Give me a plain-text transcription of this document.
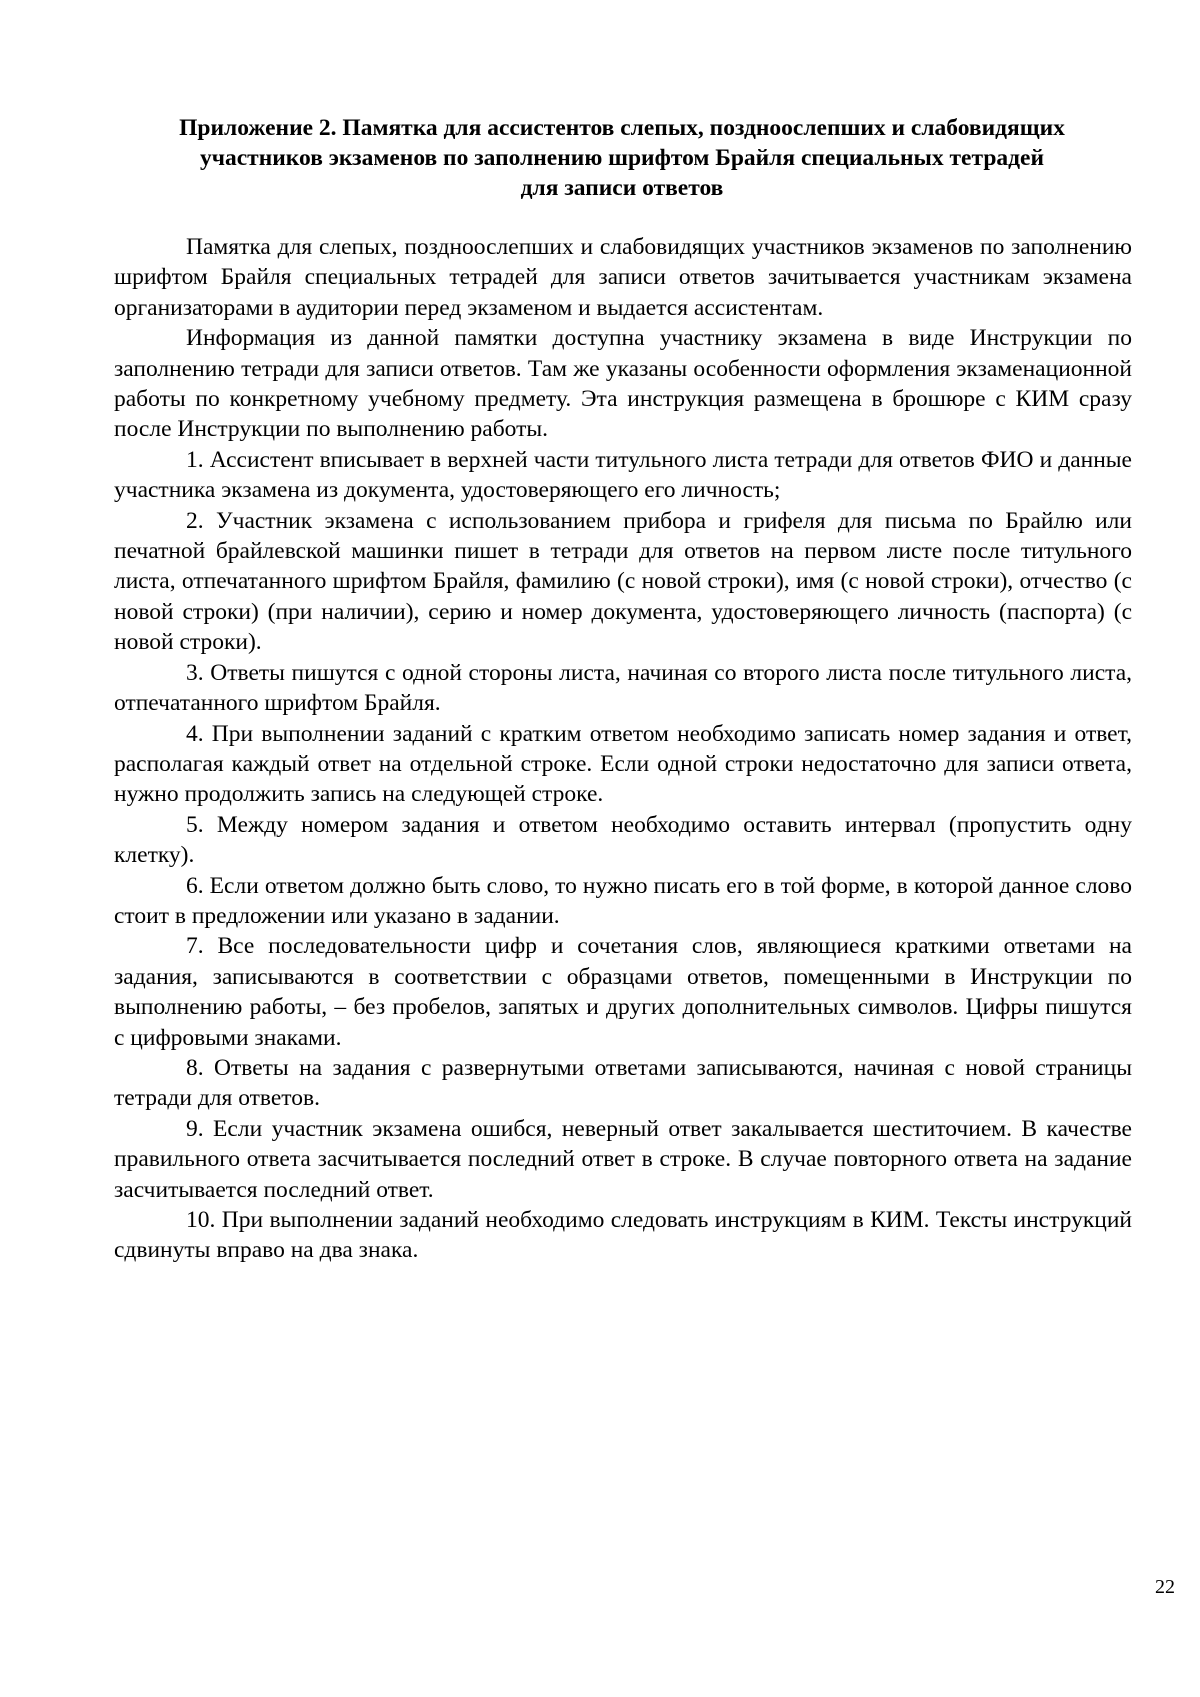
Приложение 2. Памятка для ассистентов слепых, поздноослепших и слабовидящих
участников экзаменов по заполнению шрифтом Брайля специальных тетрадей
для записи ответов

Памятка для слепых, поздноослепших и слабовидящих участников экзаменов по заполнению шрифтом Брайля специальных тетрадей для записи ответов зачитывается участникам экзамена организаторами в аудитории перед экзаменом и выдается ассистентам.

Информация из данной памятки доступна участнику экзамена в виде Инструкции по заполнению тетради для записи ответов. Там же указаны особенности оформления экзаменационной работы по конкретному учебному предмету. Эта инструкция размещена в брошюре с КИМ сразу после Инструкции по выполнению работы.

1. Ассистент вписывает в верхней части титульного листа тетради для ответов ФИО и данные участника экзамена из документа, удостоверяющего его личность;

2. Участник экзамена с использованием прибора и грифеля для письма по Брайлю или печатной брайлевской машинки пишет в тетради для ответов на первом листе после титульного листа, отпечатанного шрифтом Брайля, фамилию (с новой строки), имя (с новой строки), отчество (с новой строки) (при наличии), серию и номер документа, удостоверяющего личность (паспорта) (с новой строки).

3. Ответы пишутся с одной стороны листа, начиная со второго листа после титульного листа, отпечатанного шрифтом Брайля.

4. При выполнении заданий с кратким ответом необходимо записать номер задания и ответ, располагая каждый ответ на отдельной строке. Если одной строки недостаточно для записи ответа, нужно продолжить запись на следующей строке.

5. Между номером задания и ответом необходимо оставить интервал (пропустить одну клетку).

6. Если ответом должно быть слово, то нужно писать его в той форме, в которой данное слово стоит в предложении или указано в задании.

7. Все последовательности цифр и сочетания слов, являющиеся краткими ответами на задания, записываются в соответствии с образцами ответов, помещенными в Инструкции по выполнению работы, – без пробелов, запятых и других дополнительных символов. Цифры пишутся с цифровыми знаками.

8. Ответы на задания с развернутыми ответами записываются, начиная с новой страницы тетради для ответов.

9. Если участник экзамена ошибся, неверный ответ закалывается шеститочием. В качестве правильного ответа засчитывается последний ответ в строке. В случае повторного ответа на задание засчитывается последний ответ.

10. При выполнении заданий необходимо следовать инструкциям в КИМ. Тексты инструкций сдвинуты вправо на два знака.

22
